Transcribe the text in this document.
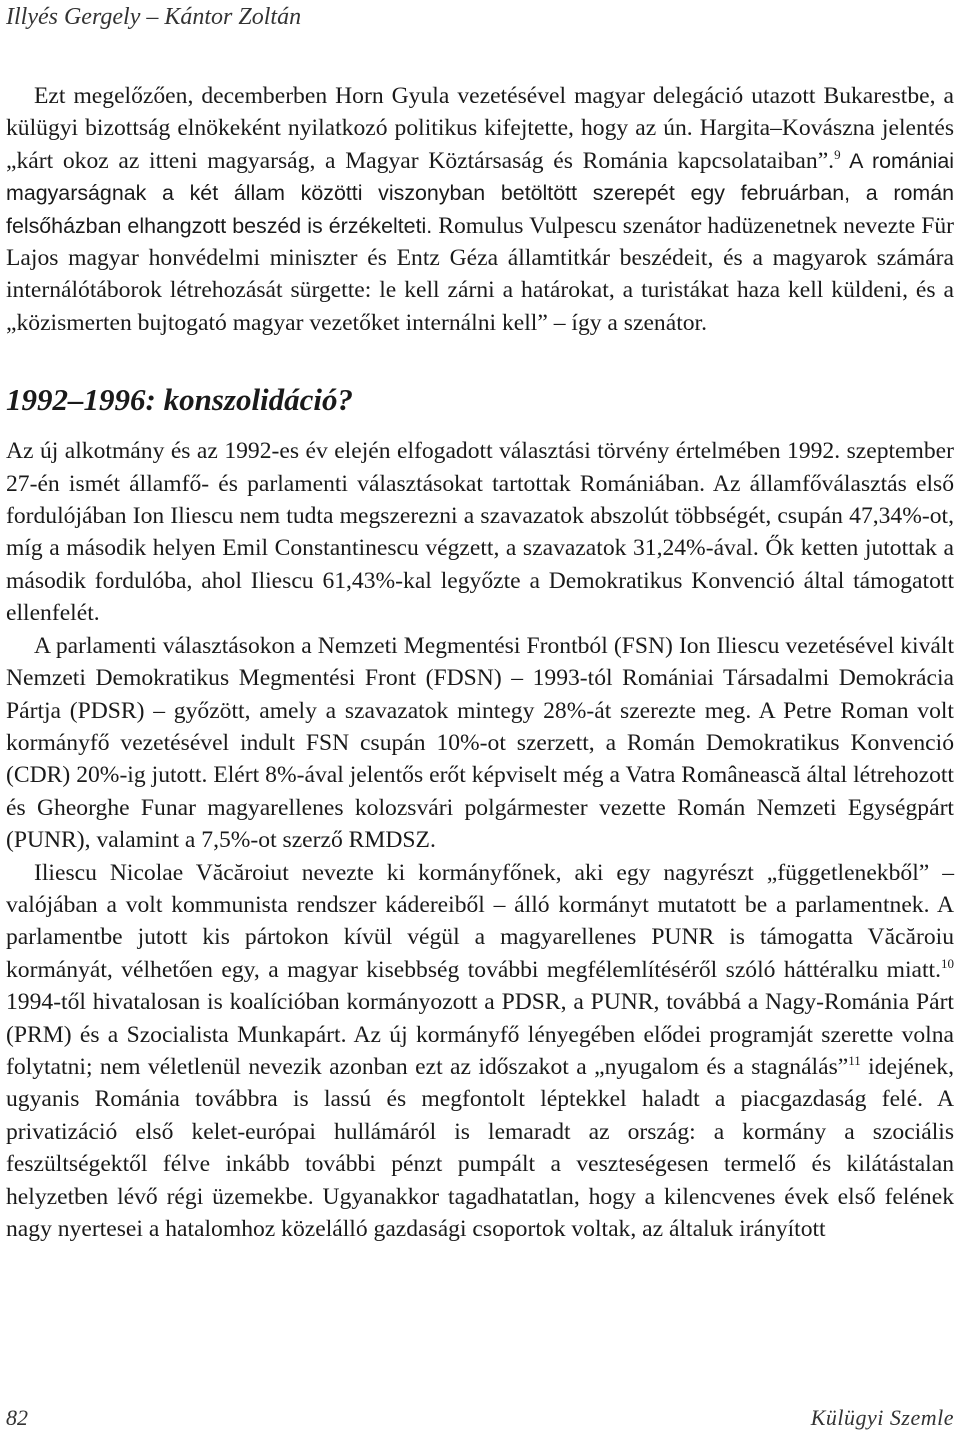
Illyés Gergely – Kántor Zoltán

Ezt megelőzően, decemberben Horn Gyula vezetésével magyar delegáció utazott Bukarestbe, a külügyi bizottság elnökeként nyilatkozó politikus kifejtette, hogy az ún. Hargita–Kovászna jelentés „kárt okoz az itteni magyarság, a Magyar Köztársaság és Románia kapcsolataiban”.$^9$ A romániai magyarságnak a két állam közötti viszonyban betöltött szerepét egy februárban, a román felsőházban elhangzott beszéd is érzékelteti. Romulus Vulpescu szenátor hadüzenetnek nevezte Für Lajos magyar honvédelmi miniszter és Entz Géza államtitkár beszédeit, és a magyarok számára internálótáborok létrehozását sürgette: le kell zárni a határokat, a turistákat haza kell küldeni, és a „közismerten bujtogató magyar vezetőket internálni kell” – így a szenátor.

1992–1996: konszolidáció?

Az új alkotmány és az 1992-es év elején elfogadott választási törvény értelmében 1992. szeptember 27-én ismét államfő- és parlamenti választásokat tartottak Romániában. Az államfőválasztás első fordulójában Ion Iliescu nem tudta megszerezni a szavazatok abszolút többségét, csupán 47,34%-ot, míg a második helyen Emil Constantinescu végzett, a szavazatok 31,24%-ával. Ők ketten jutottak a második fordulóba, ahol Iliescu 61,43%-kal legyőzte a Demokratikus Konvenció által támogatott ellenfelét.

A parlamenti választásokon a Nemzeti Megmentési Frontból (FSN) Ion Iliescu vezetésével kivált Nemzeti Demokratikus Megmentési Front (FDSN) – 1993-tól Romániai Társadalmi Demokrácia Pártja (PDSR) – győzött, amely a szavazatok mintegy 28%-át szerezte meg. A Petre Roman volt kormányfő vezetésével indult FSN csupán 10%-ot szerzett, a Román Demokratikus Konvenció (CDR) 20%-ig jutott. Elért 8%-ával jelentős erőt képviselt még a Vatra Românească által létrehozott és Gheorghe Funar magyarellenes kolozsvári polgármester vezette Román Nemzeti Egységpárt (PUNR), valamint a 7,5%-ot szerző RMDSZ.

Iliescu Nicolae Văcăroiut nevezte ki kormányfőnek, aki egy nagyrészt „függetlenekből” – valójában a volt kommunista rendszer kádereiből – álló kormányt mutatott be a parlamentnek. A parlamentbe jutott kis pártokon kívül végül a magyarellenes PUNR is támogatta Văcăroiu kormányát, vélhetően egy, a magyar kisebbség további megfélemlítéséről szóló háttéralku miatt.$^{10}$ 1994-től hivatalosan is koalícióban kormányozott a PDSR, a PUNR, továbbá a Nagy-Románia Párt (PRM) és a Szocialista Munkapárt. Az új kormányfő lényegében elődei programját szerette volna folytatni; nem véletlenül nevezik azonban ezt az időszakot a „nyugalom és a stagnálás”$^{11}$ idejének, ugyanis Románia továbbra is lassú és megfontolt léptekkel haladt a piacgazdaság felé. A privatizáció első kelet-európai hullámáról is lemaradt az ország: a kormány a szociális feszültségektől félve inkább további pénzt pumpált a veszteségesen termelő és kilátástalan helyzetben lévő régi üzemekbe. Ugyanakkor tagadhatatlan, hogy a kilencvenes évek első felének nagy nyertesei a hatalomhoz közelálló gazdasági csoportok voltak, az általuk irányított

82	Külügyi Szemle
